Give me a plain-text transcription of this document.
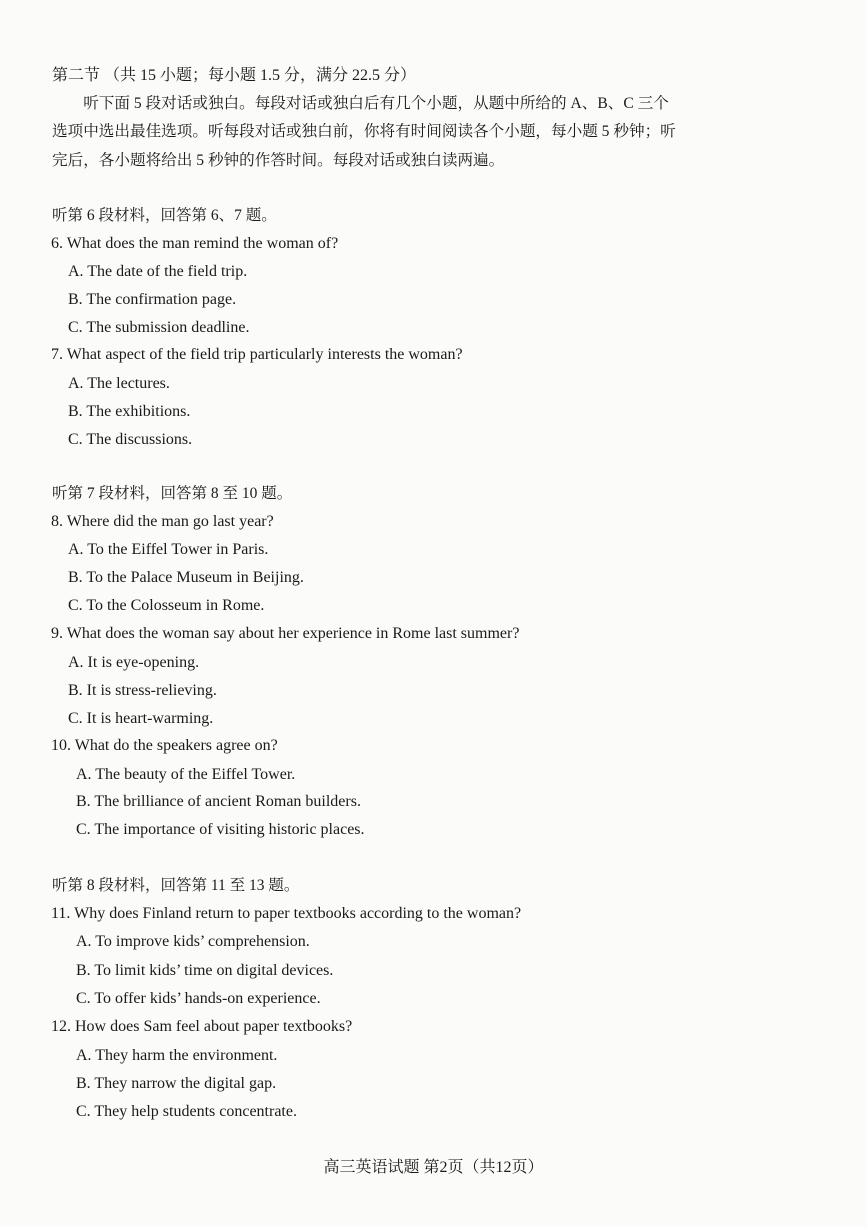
第二节 （共 15 小题；每小题 1.5 分，满分 22.5 分）
　　听下面 5 段对话或独白。每段对话或独白后有几个小题，从题中所给的 A、B、C 三个
选项中选出最佳选项。听每段对话或独白前，你将有时间阅读各个小题，每小题 5 秒钟；听
完后，各小题将给出 5 秒钟的作答时间。每段对话或独白读两遍。
听第 6 段材料，回答第 6、7 题。
6. What does the man remind the woman of?
A. The date of the field trip.
B. The confirmation page.
C. The submission deadline.
7. What aspect of the field trip particularly interests the woman?
A. The lectures.
B. The exhibitions.
C. The discussions.
听第 7 段材料，回答第 8 至 10 题。
8. Where did the man go last year?
A. To the Eiffel Tower in Paris.
B. To the Palace Museum in Beijing.
C. To the Colosseum in Rome.
9. What does the woman say about her experience in Rome last summer?
A. It is eye-opening.
B. It is stress-relieving.
C. It is heart-warming.
10. What do the speakers agree on?
A. The beauty of the Eiffel Tower.
B. The brilliance of ancient Roman builders.
C. The importance of visiting historic places.
听第 8 段材料，回答第 11 至 13 题。
11. Why does Finland return to paper textbooks according to the woman?
A. To improve kids’ comprehension.
B. To limit kids’ time on digital devices.
C. To offer kids’ hands-on experience.
12. How does Sam feel about paper textbooks?
A. They harm the environment.
B. They narrow the digital gap.
C. They help students concentrate.
高三英语试题 第2页（共12页）
